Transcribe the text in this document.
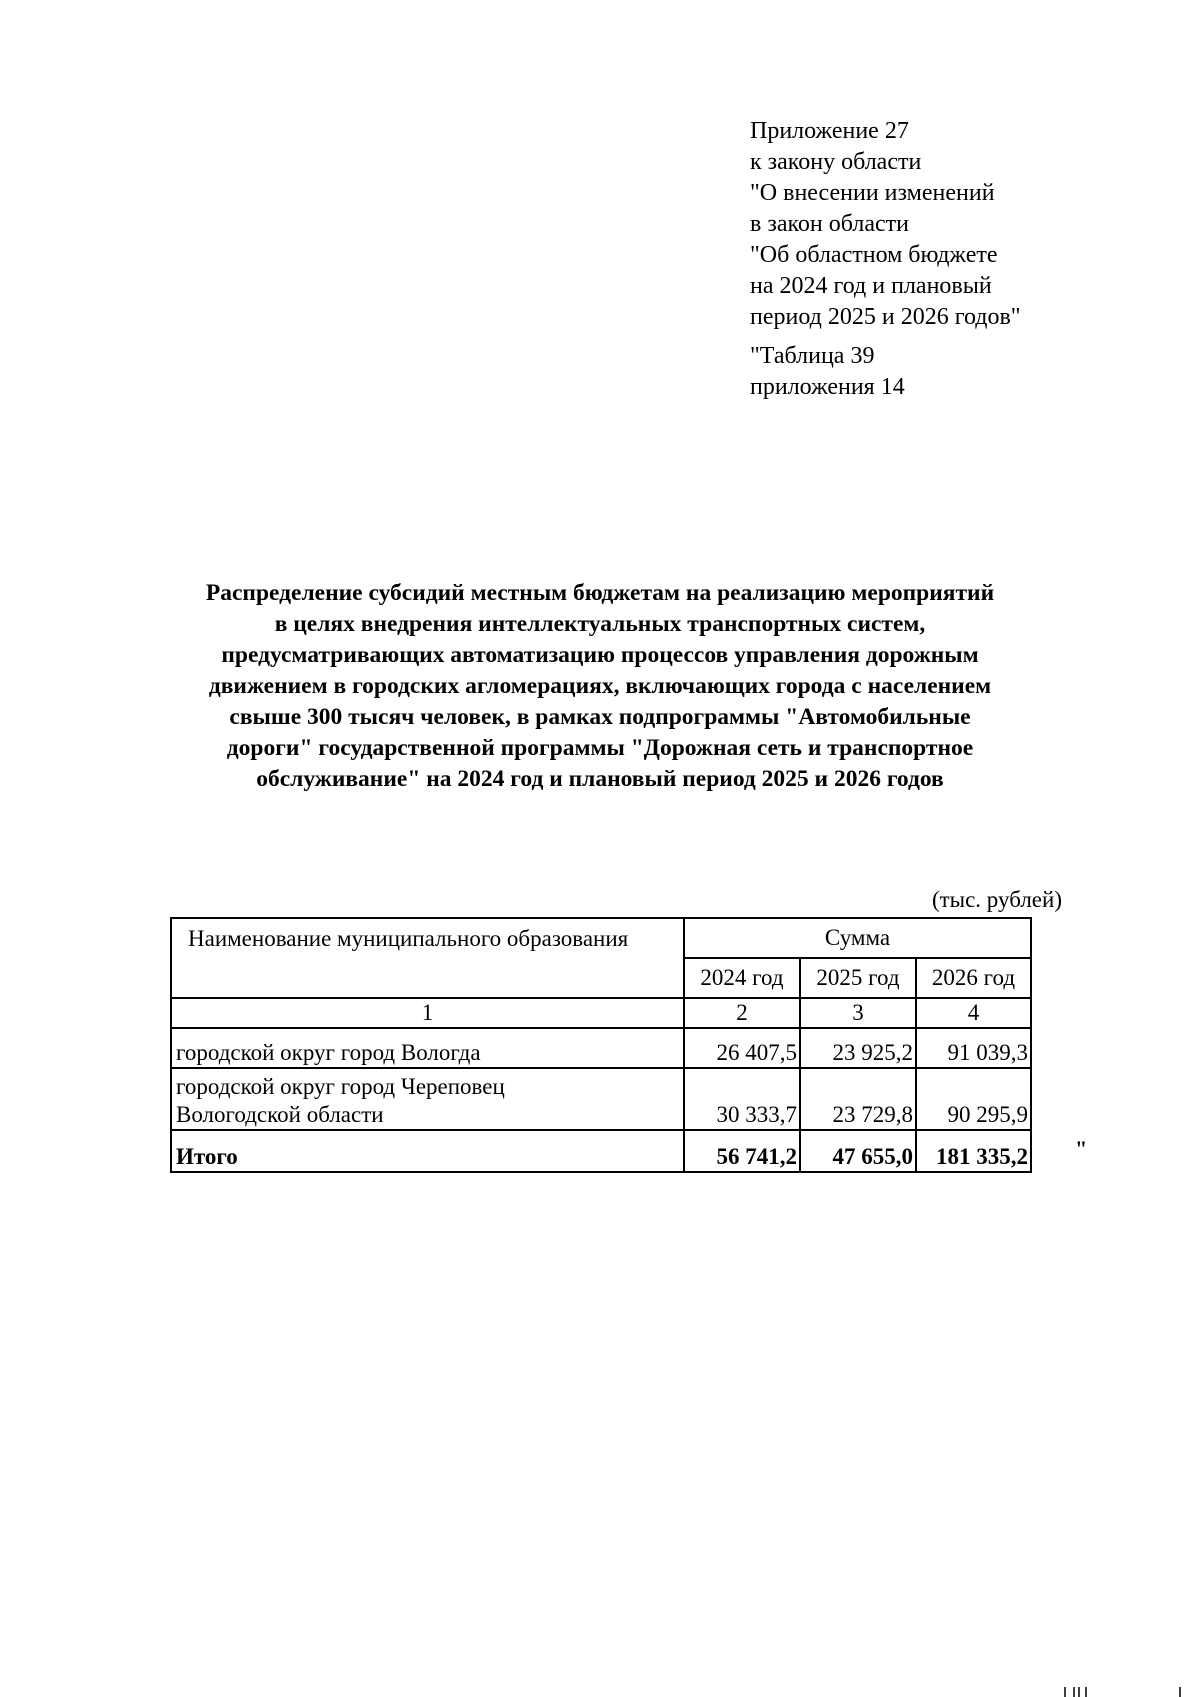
Приложение 27
к закону области
"О внесении изменений
в закон области
"Об областном бюджете
на 2024 год и плановый
период 2025 и 2026 годов"
"Таблица 39
приложения 14
Распределение субсидий местным бюджетам на реализацию мероприятий
в целях внедрения интеллектуальных транспортных систем,
предусматривающих автоматизацию процессов управления дорожным
движением в городских агломерациях, включающих города с населением
свыше 300 тысяч человек, в рамках подпрограммы "Автомобильные
дороги" государственной программы "Дорожная сеть и транспортное
обслуживание" на 2024 год и плановый период 2025 и 2026 годов
(тыс. рублей)
Наименование муниципального образования	Сумма		
	2024 год	2025 год	2026 год
1	2	3	4
городской округ город Вологда	26 407,5	23 925,2	91 039,3

городской округ город Череповец
Вологодской области	30 333,7	23 729,8	90 295,9
Итого	56 741,2	47 655,0	181 335,2 "
